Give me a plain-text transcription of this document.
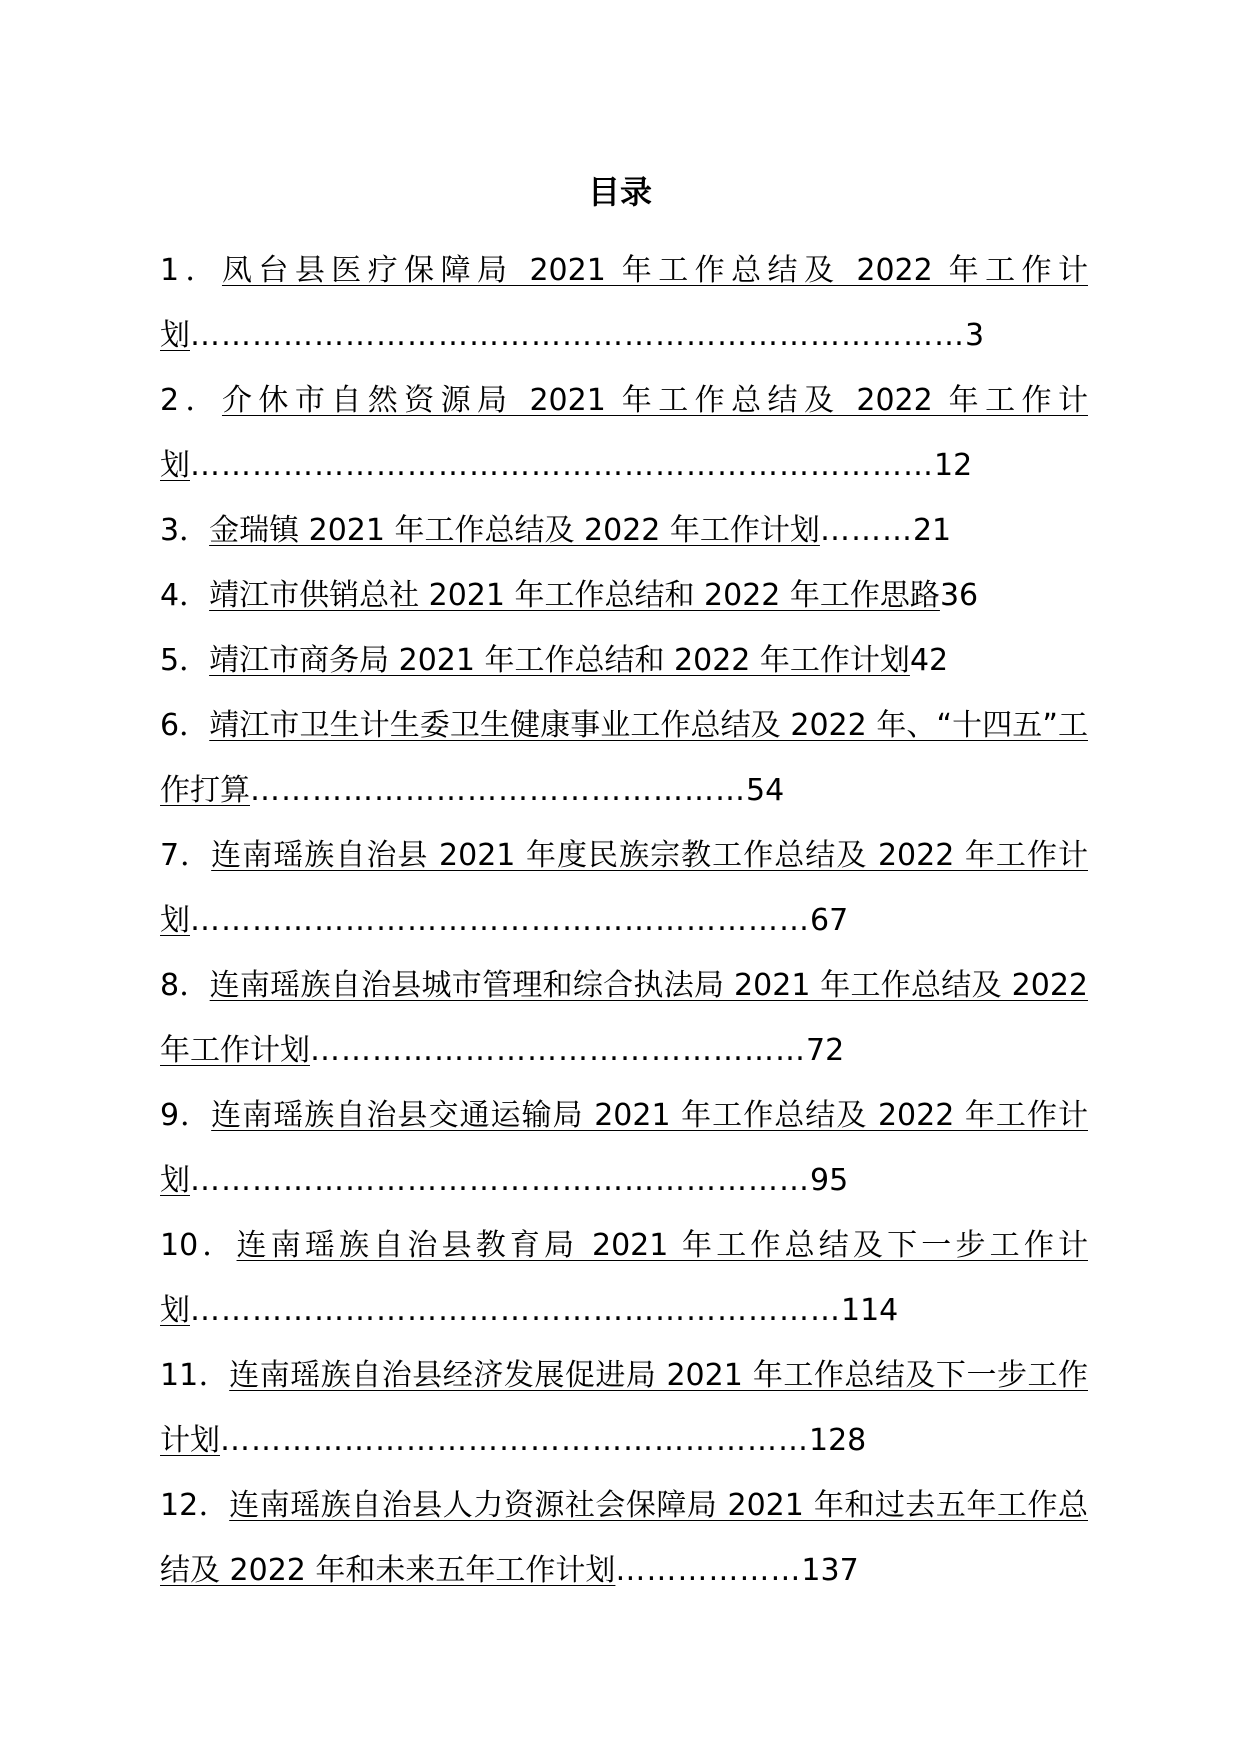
目录
1．凤台县医疗保障局 2021 年工作总结及 2022 年工作计划…………………………………………………………………3
2．介休市自然资源局 2021 年工作总结及 2022 年工作计划………………………………………………………………12
3．金瑞镇 2021 年工作总结及 2022 年工作计划………21
4．靖江市供销总社 2021 年工作总结和 2022 年工作思路36
5．靖江市商务局 2021 年工作总结和 2022 年工作计划42
6．靖江市卫生计生委卫生健康事业工作总结及 2022 年、“十四五”工作打算…………………………………………54
7．连南瑶族自治县 2021 年度民族宗教工作总结及 2022 年工作计划……………………………………………………67
8．连南瑶族自治县城市管理和综合执法局 2021 年工作总结及 2022 年工作计划…………………………………………72
9．连南瑶族自治县交通运输局 2021 年工作总结及 2022 年工作计划……………………………………………………95
10．连南瑶族自治县教育局 2021 年工作总结及下一步工作计划………………………………………………………114
11．连南瑶族自治县经济发展促进局 2021 年工作总结及下一步工作计划…………………………………………………128
12．连南瑶族自治县人力资源社会保障局 2021 年和过去五年工作总结及 2022 年和未来五年工作计划………………137
